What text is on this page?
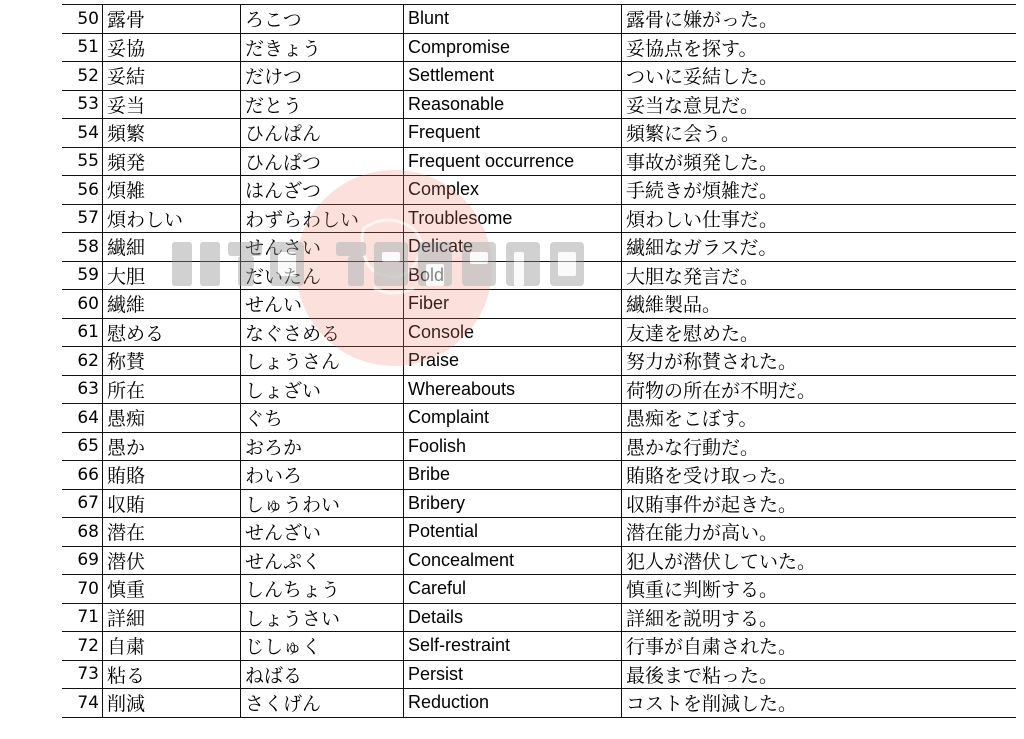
50	露骨	ろこつ	Blunt	露骨に嫌がった。
51	妥協	だきょう	Compromise	妥協点を探す。
52	妥結	だけつ	Settlement	ついに妥結した。
53	妥当	だとう	Reasonable	妥当な意見だ。
54	頻繁	ひんぱん	Frequent	頻繁に会う。
55	頻発	ひんぱつ	Frequent occurrence	事故が頻発した。
56	煩雑	はんざつ	Complex	手続きが煩雑だ。
57	煩わしい	わずらわしい	Troublesome	煩わしい仕事だ。
58	繊細	せんさい	Delicate	繊細なガラスだ。
59	大胆	だいたん	Bold	大胆な発言だ。
60	繊維	せんい	Fiber	繊維製品。
61	慰める	なぐさめる	Console	友達を慰めた。
62	称賛	しょうさん	Praise	努力が称賛された。
63	所在	しょざい	Whereabouts	荷物の所在が不明だ。
64	愚痴	ぐち	Complaint	愚痴をこぼす。
65	愚か	おろか	Foolish	愚かな行動だ。
66	賄賂	わいろ	Bribe	賄賂を受け取った。
67	収賄	しゅうわい	Bribery	収賄事件が起きた。
68	潜在	せんざい	Potential	潜在能力が高い。
69	潜伏	せんぷく	Concealment	犯人が潜伏していた。
70	慎重	しんちょう	Careful	慎重に判断する。
71	詳細	しょうさい	Details	詳細を説明する。
72	自粛	じしゅく	Self-restraint	行事が自粛された。
73	粘る	ねばる	Persist	最後まで粘った。
74	削減	さくげん	Reduction	コストを削減した。
